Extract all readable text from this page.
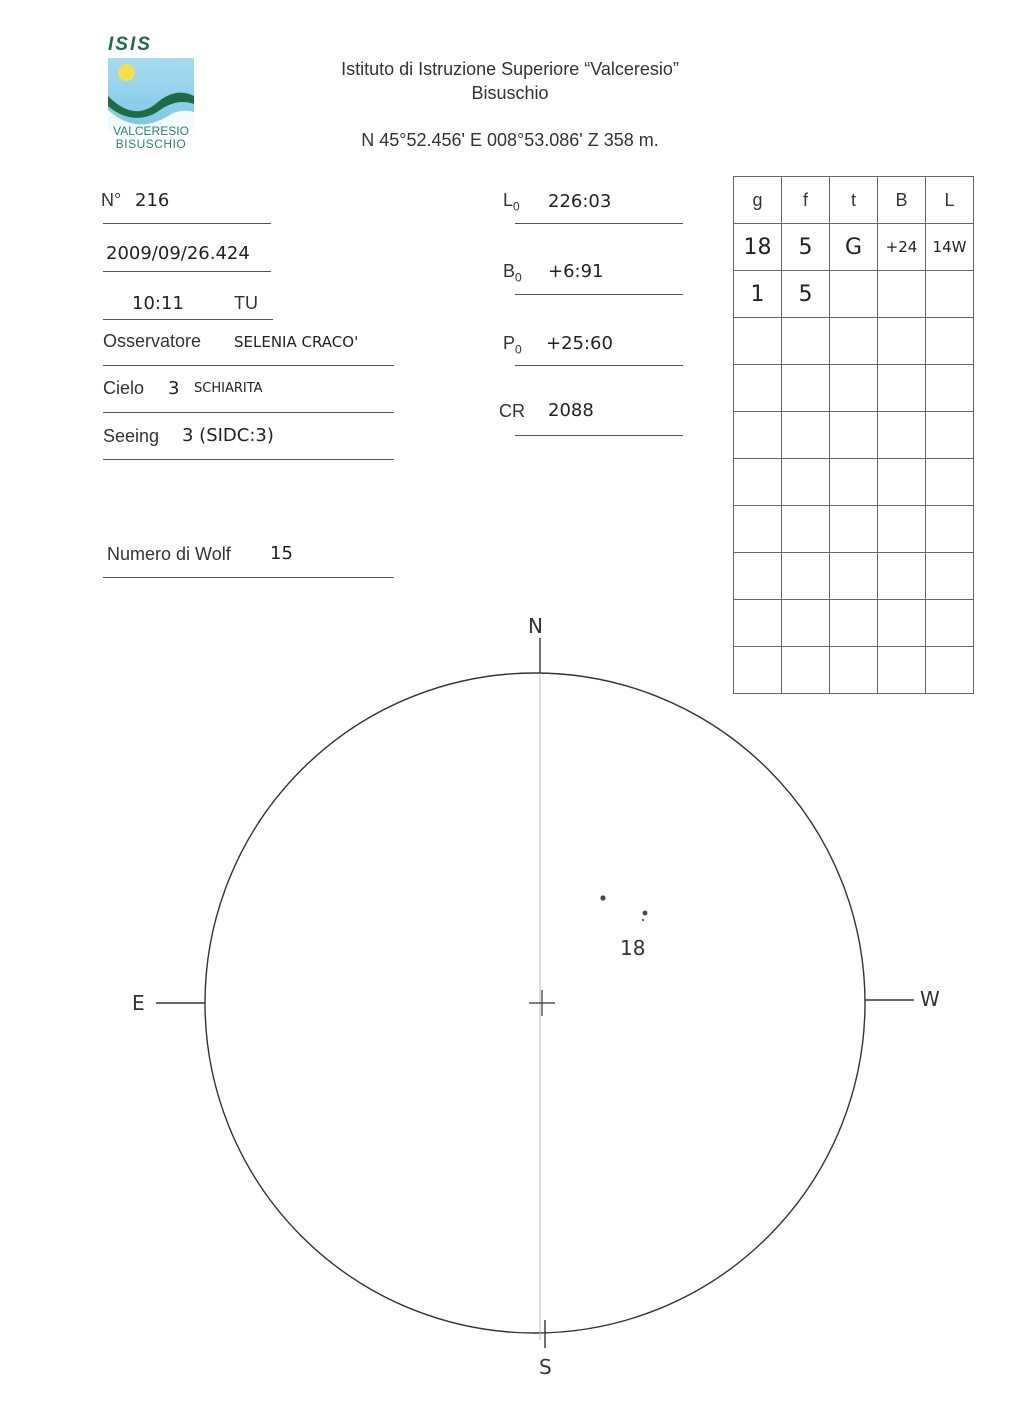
ISIS
VALCERESIO
BISUSCHIO
Istituto di Istruzione Superiore “Valceresio”
Bisuschio
N 45°52.456' E 008°53.086' Z 358 m.
N° 216
2009/09/26.424
10:11	TU
Osservatore SELENIA CRACO'
Cielo 3 SCHIARITA
Seeing 3 (SIDC:3)
Numero di Wolf 15
$L_0$ 226:03
$B_0$ +6:91
$P_0$ +25:60
CR 2088
g	f	t	B	L
18	5	G	+24	14W
1	5			

N
S
E	W
18
